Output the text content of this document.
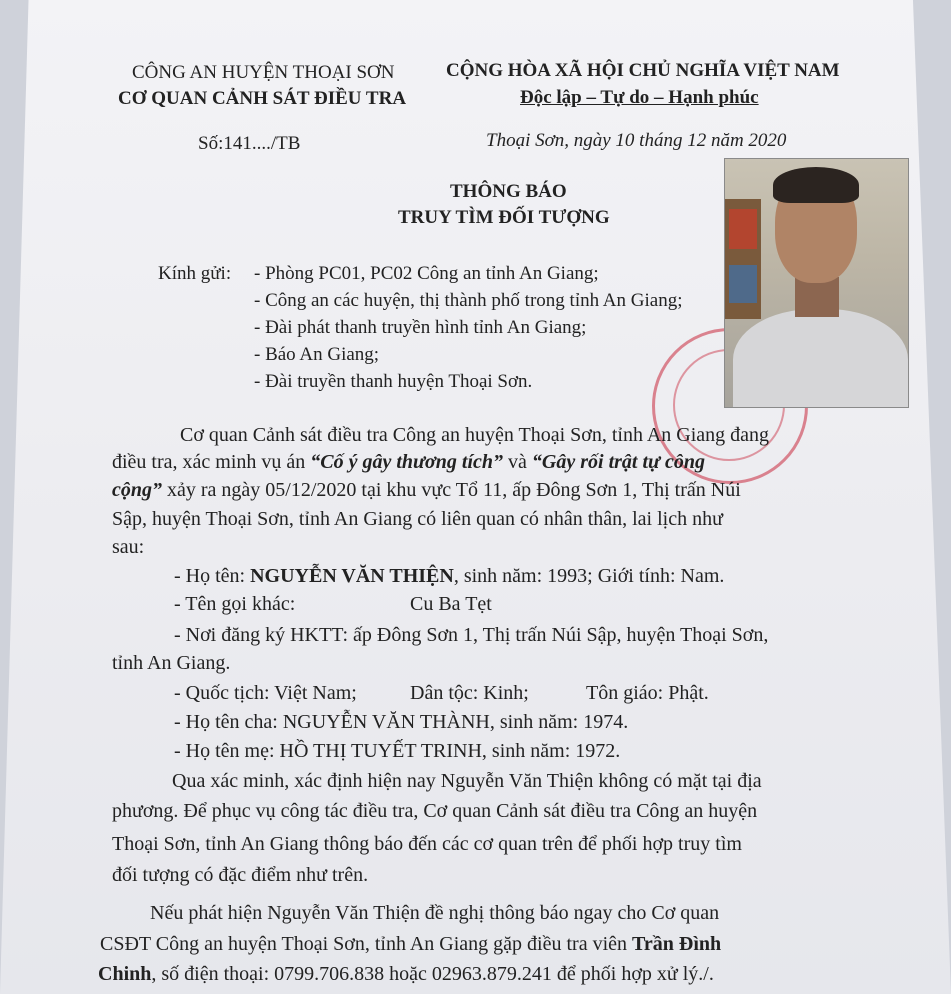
CÔNG AN HUYỆN THOẠI SƠN
CƠ QUAN CẢNH SÁT ĐIỀU TRA
CỘNG HÒA XÃ HỘI CHỦ NGHĨA VIỆT NAM
Độc lập – Tự do – Hạnh phúc
Số:141..../TB	Thoại Sơn, ngày 10 tháng 12 năm 2020
THÔNG BÁO
TRUY TÌM ĐỐI TƯỢNG
Kính gửi: - Phòng PC01, PC02 Công an tỉnh An Giang;
- Công an các huyện, thị thành phố trong tỉnh An Giang;
- Đài phát thanh truyền hình tỉnh An Giang;
- Báo An Giang;
- Đài truyền thanh huyện Thoại Sơn.
Cơ quan Cảnh sát điều tra Công an huyện Thoại Sơn, tỉnh An Giang đang
điều tra, xác minh vụ án “Cố ý gây thương tích” và “Gây rối trật tự công
cộng” xảy ra ngày 05/12/2020 tại khu vực Tổ 11, ấp Đông Sơn 1, Thị trấn Núi
Sập, huyện Thoại Sơn, tỉnh An Giang có liên quan có nhân thân, lai lịch như
sau:
- Họ tên: NGUYỄN VĂN THIỆN, sinh năm: 1993; Giới tính: Nam.
- Tên gọi khác:	Cu Ba Tẹt
- Nơi đăng ký HKTT: ấp Đông Sơn 1, Thị trấn Núi Sập, huyện Thoại Sơn,
tỉnh An Giang.
- Quốc tịch: Việt Nam;	Dân tộc: Kinh;	Tôn giáo: Phật.
- Họ tên cha: NGUYỄN VĂN THÀNH, sinh năm: 1974.
- Họ tên mẹ: HỒ THỊ TUYẾT TRINH, sinh năm: 1972.
Qua xác minh, xác định hiện nay Nguyễn Văn Thiện không có mặt tại địa
phương. Để phục vụ công tác điều tra, Cơ quan Cảnh sát điều tra Công an huyện
Thoại Sơn, tỉnh An Giang thông báo đến các cơ quan trên để phối hợp truy tìm
đối tượng có đặc điểm như trên.
Nếu phát hiện Nguyễn Văn Thiện đề nghị thông báo ngay cho Cơ quan
CSĐT Công an huyện Thoại Sơn, tỉnh An Giang gặp điều tra viên Trần Đình
Chinh, số điện thoại: 0799.706.838 hoặc 02963.879.241 để phối hợp xử lý./.
